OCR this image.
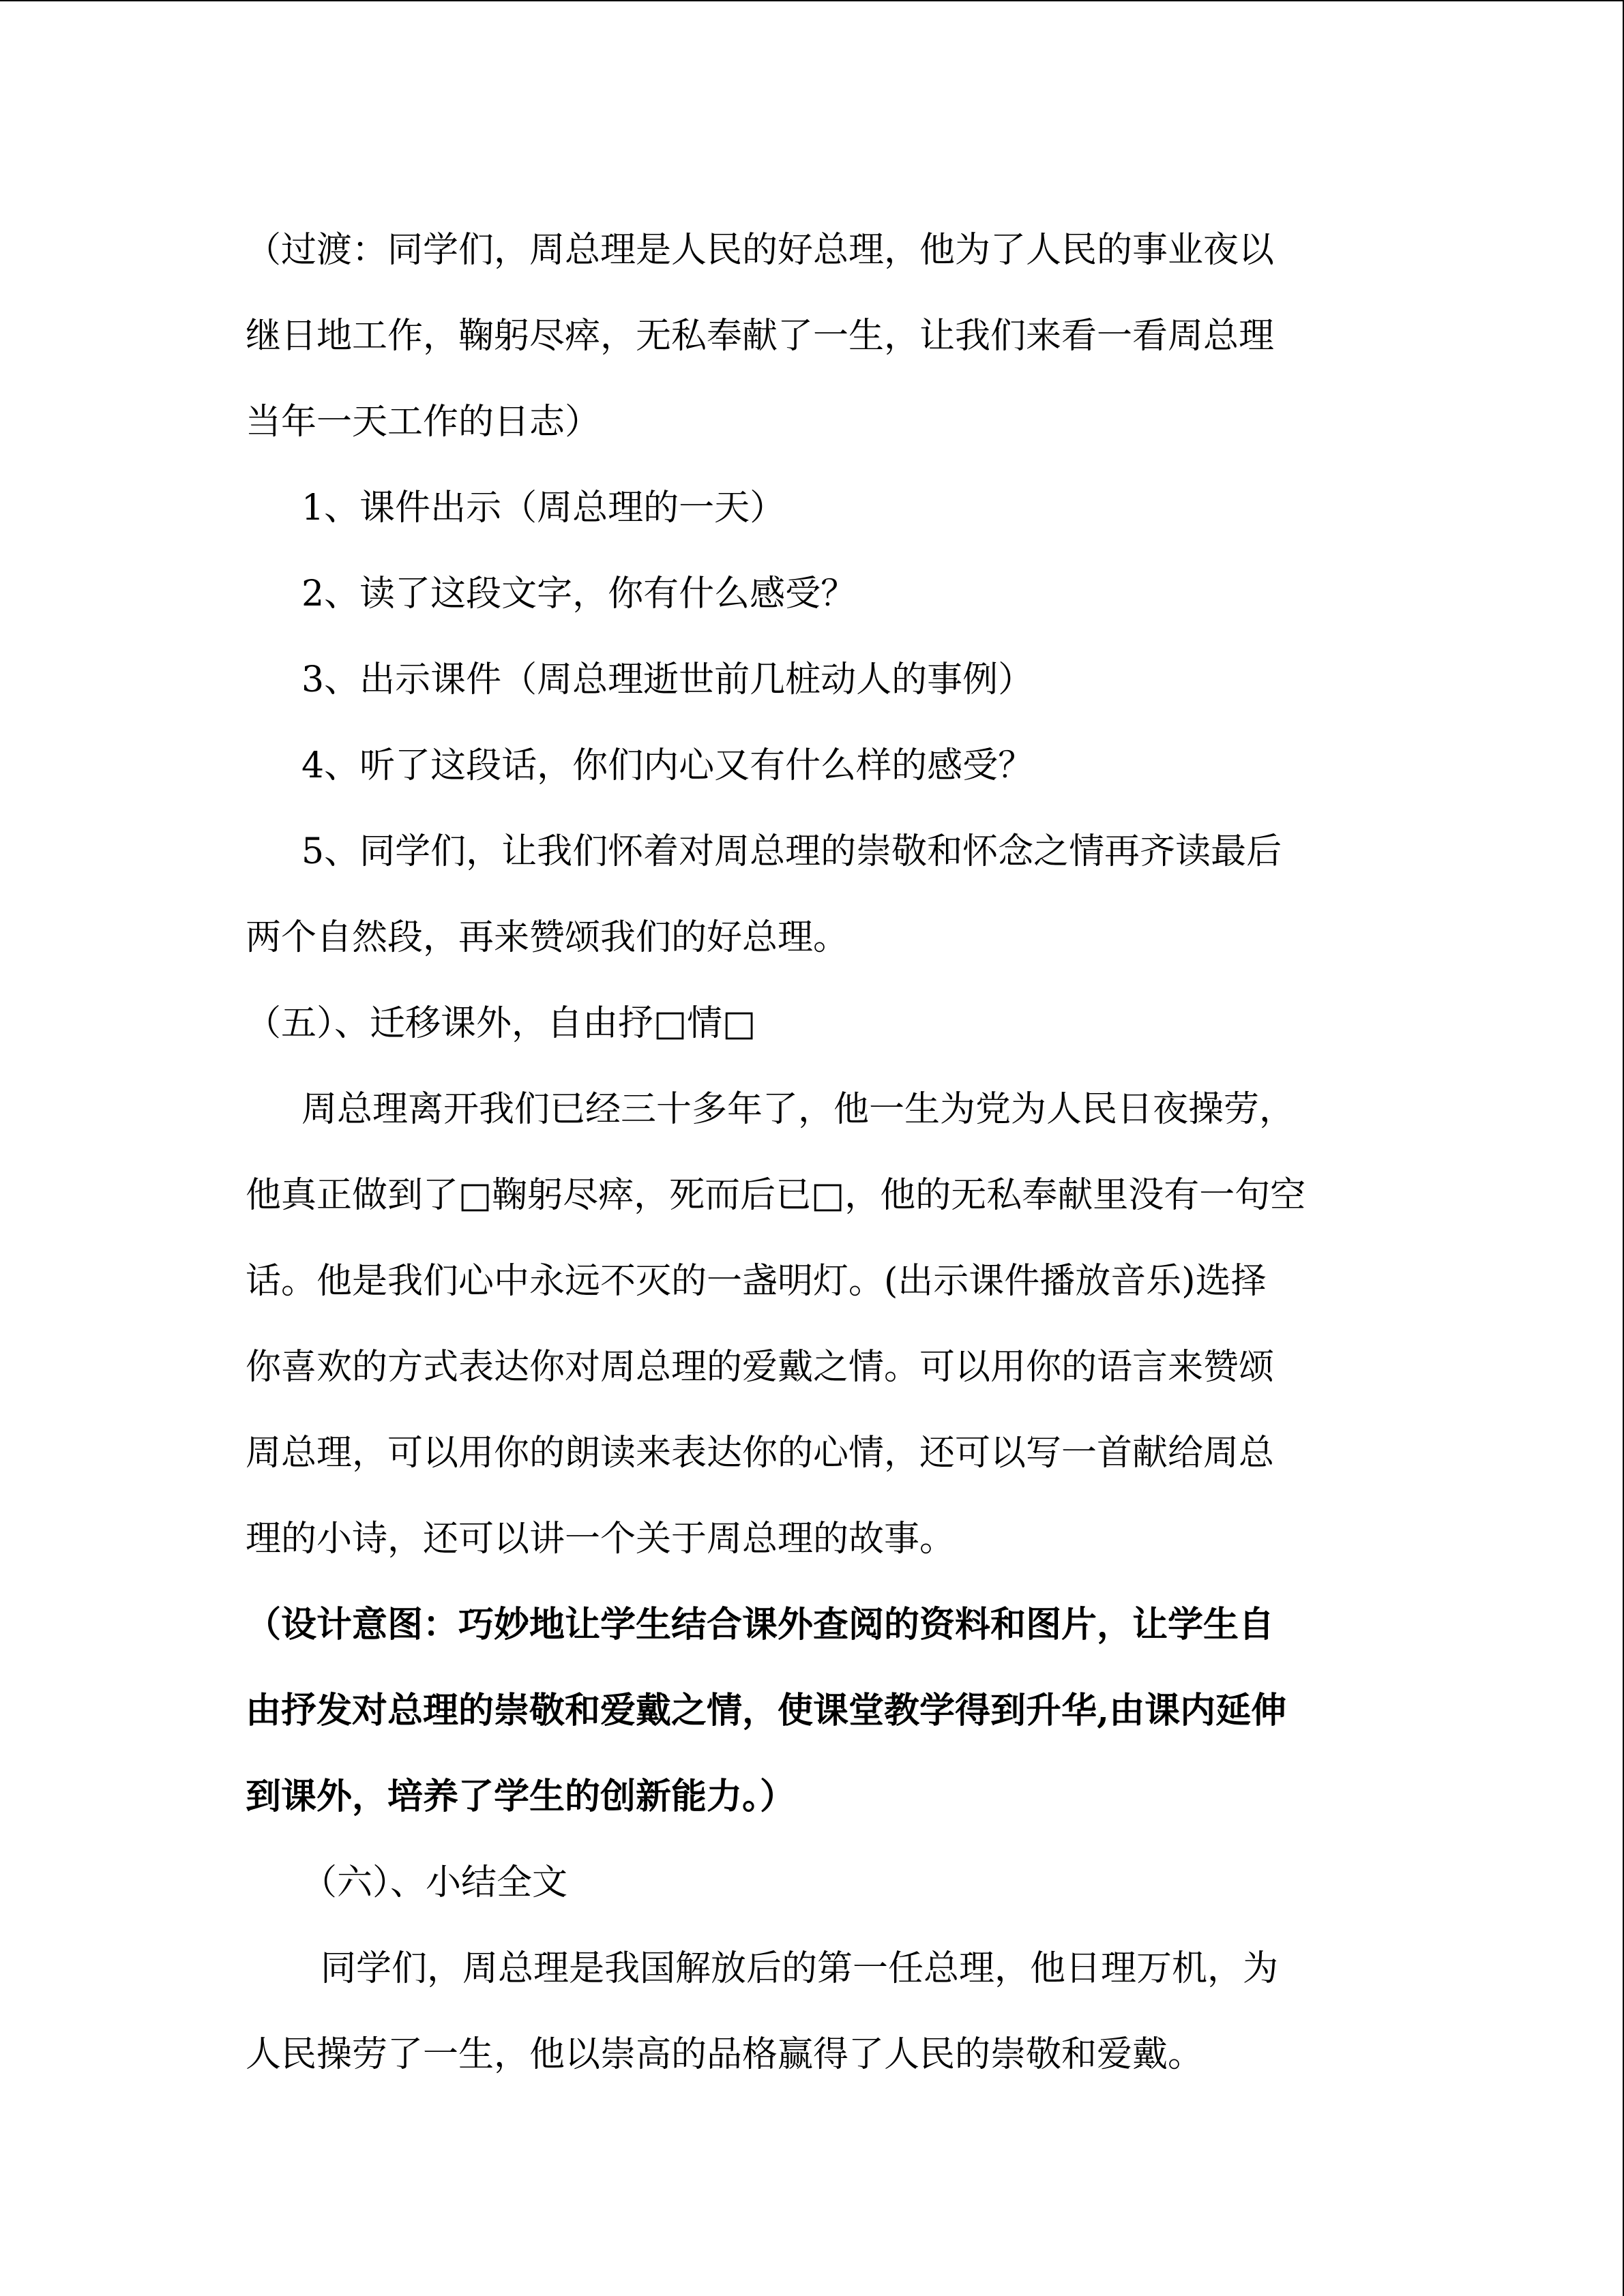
（过渡：同学们，周总理是人民的好总理，他为了人民的事业夜以
继日地工作，鞠躬尽瘁，无私奉献了一生，让我们来看一看周总理
当年一天工作的日志）
1、课件出示（周总理的一天）
2、读了这段文字，你有什么感受？
3、出示课件（周总理逝世前几桩动人的事例）
4、听了这段话，你们内心又有什么样的感受？
5、同学们，让我们怀着对周总理的崇敬和怀念之情再齐读最后
两个自然段，再来赞颂我们的好总理。
（五）、迁移课外，自由抒□情□
周总理离开我们已经三十多年了，他一生为党为人民日夜操劳，
他真正做到了□鞠躬尽瘁，死而后已□，他的无私奉献里没有一句空
话。他是我们心中永远不灭的一盏明灯。(出示课件播放音乐)选择
你喜欢的方式表达你对周总理的爱戴之情。可以用你的语言来赞颂
周总理，可以用你的朗读来表达你的心情，还可以写一首献给周总
理的小诗，还可以讲一个关于周总理的故事。
（设计意图：巧妙地让学生结合课外查阅的资料和图片，让学生自
由抒发对总理的崇敬和爱戴之情，使课堂教学得到升华,由课内延伸
到课外，培养了学生的创新能力。）
（六）、小结全文
同学们，周总理是我国解放后的第一任总理，他日理万机，为
人民操劳了一生，他以崇高的品格赢得了人民的崇敬和爱戴。
